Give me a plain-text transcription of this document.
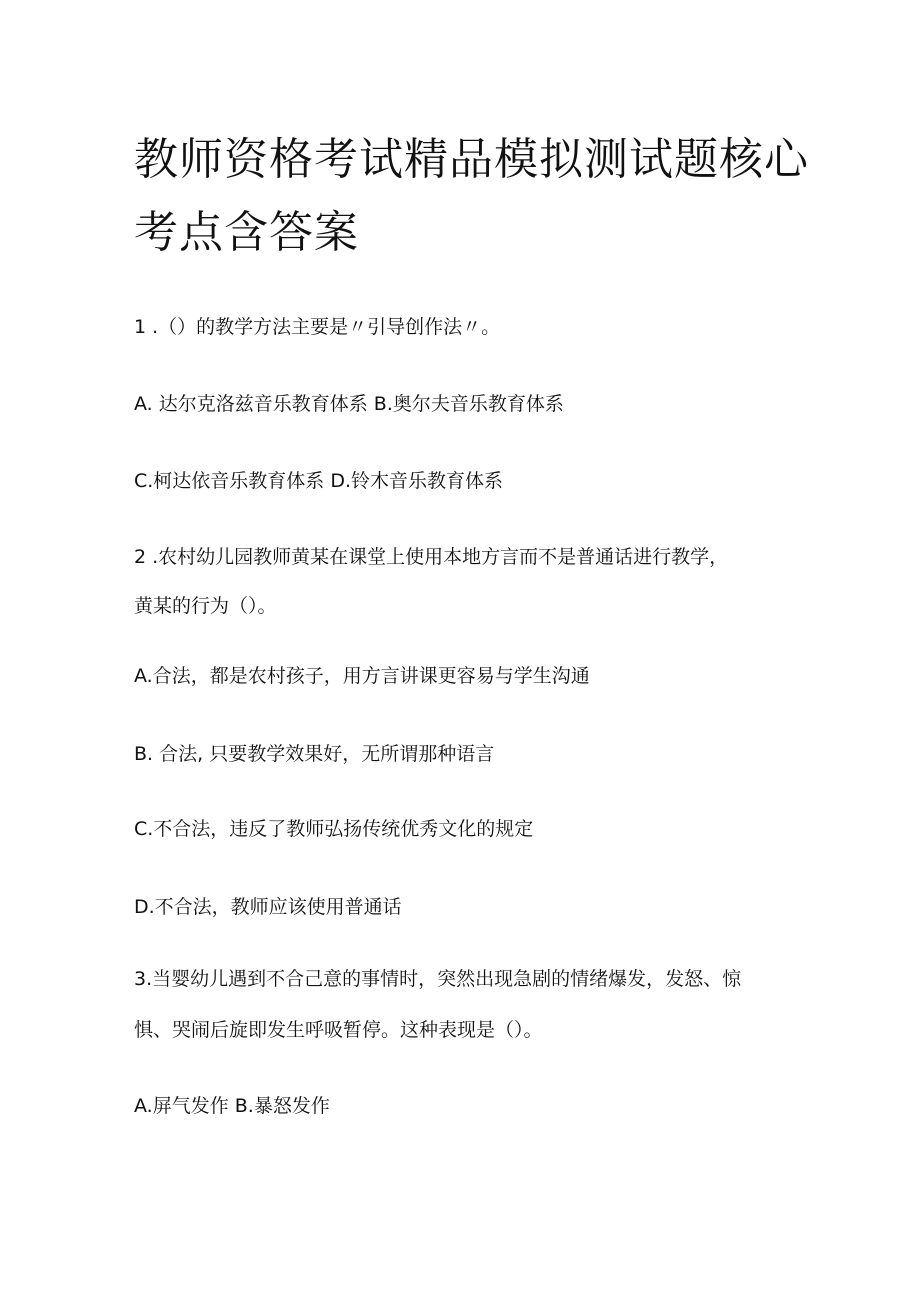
教师资格考试精品模拟测试题核心
考点含答案

1 .（）的教学方法主要是〃引导创作法〃。

A. 达尔克洛兹音乐教育体系 B.奥尔夫音乐教育体系

C.柯达依音乐教育体系 D.铃木音乐教育体系

2 .农村幼儿园教师黄某在课堂上使用本地方言而不是普通话进行教学，

黄某的行为（）。

A.合法，都是农村孩子，用方言讲课更容易与学生沟通

B. 合法, 只要教学效果好，无所谓那种语言

C.不合法，违反了教师弘扬传统优秀文化的规定

D.不合法，教师应该使用普通话

3.当婴幼儿遇到不合己意的事情时，突然出现急剧的情绪爆发，发怒、惊

惧、哭闹后旋即发生呼吸暂停。这种表现是（）。

A.屏气发作 B.暴怒发作
